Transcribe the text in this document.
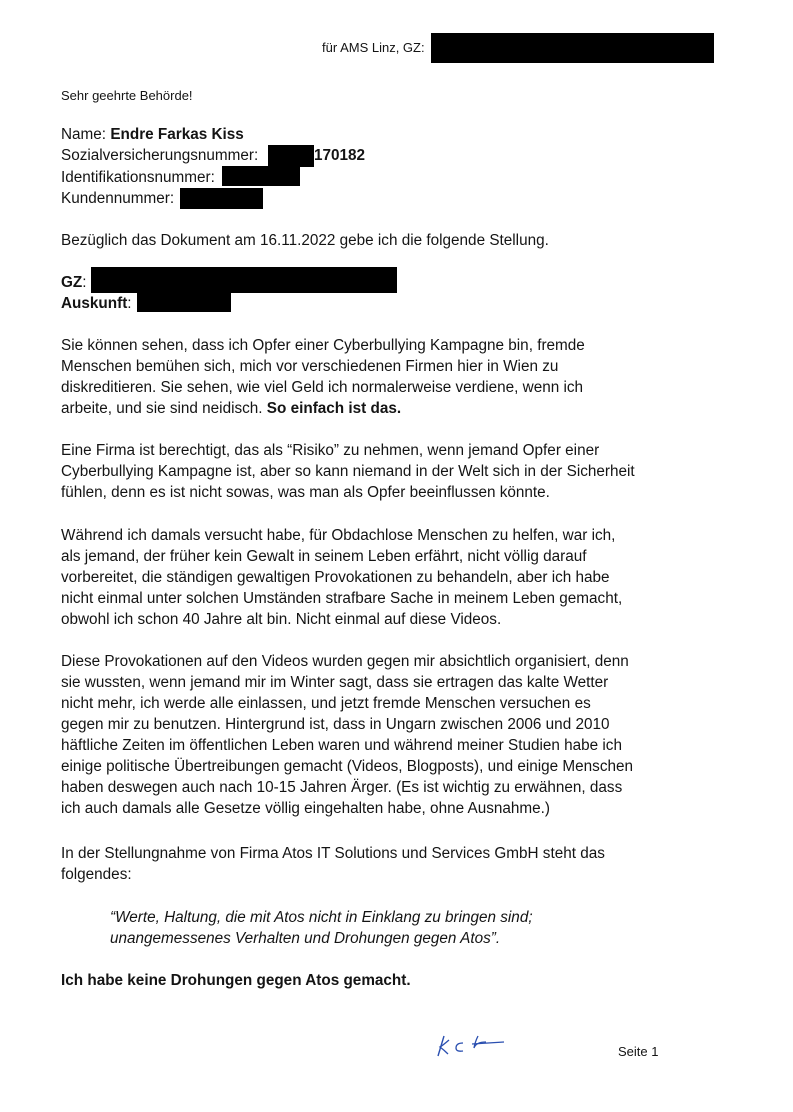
für AMS Linz, GZ:
Sehr geehrte Behörde!
Name: Endre Farkas Kiss
Sozialversicherungsnummer:	170182
Identifikationsnummer:
Kundennummer:
Bezüglich das Dokument am 16.11.2022 gebe ich die folgende Stellung.
GZ:
Auskunft:
Sie können sehen, dass ich Opfer einer Cyberbullying Kampagne bin, fremde
Menschen bemühen sich, mich vor verschiedenen Firmen hier in Wien zu
diskreditieren. Sie sehen, wie viel Geld ich normalerweise verdiene, wenn ich
arbeite, und sie sind neidisch. So einfach ist das.
Eine Firma ist berechtigt, das als “Risiko” zu nehmen, wenn jemand Opfer einer
Cyberbullying Kampagne ist, aber so kann niemand in der Welt sich in der Sicherheit
fühlen, denn es ist nicht sowas, was man als Opfer beeinflussen könnte.
Während ich damals versucht habe, für Obdachlose Menschen zu helfen, war ich,
als jemand, der früher kein Gewalt in seinem Leben erfährt, nicht völlig darauf
vorbereitet, die ständigen gewaltigen Provokationen zu behandeln, aber ich habe
nicht einmal unter solchen Umständen strafbare Sache in meinem Leben gemacht,
obwohl ich schon 40 Jahre alt bin. Nicht einmal auf diese Videos.
Diese Provokationen auf den Videos wurden gegen mir absichtlich organisiert, denn
sie wussten, wenn jemand mir im Winter sagt, dass sie ertragen das kalte Wetter
nicht mehr, ich werde alle einlassen, und jetzt fremde Menschen versuchen es
gegen mir zu benutzen. Hintergrund ist, dass in Ungarn zwischen 2006 und 2010
häftliche Zeiten im öffentlichen Leben waren und während meiner Studien habe ich
einige politische Übertreibungen gemacht (Videos, Blogposts), und einige Menschen
haben deswegen auch nach 10-15 Jahren Ärger. (Es ist wichtig zu erwähnen, dass
ich auch damals alle Gesetze völlig eingehalten habe, ohne Ausnahme.)
In der Stellungnahme von Firma Atos IT Solutions und Services GmbH steht das
folgendes:
“Werte, Haltung, die mit Atos nicht in Einklang zu bringen sind;
unangemessenes Verhalten und Drohungen gegen Atos”.
Ich habe keine Drohungen gegen Atos gemacht.
Seite 1
